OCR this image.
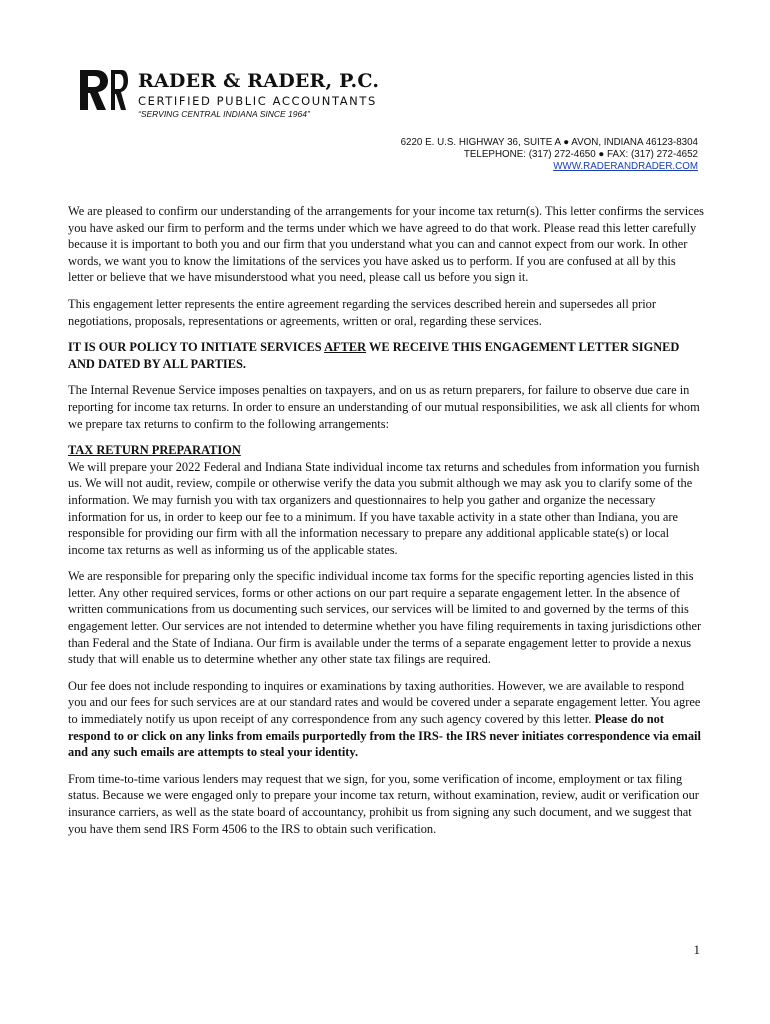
RADER & RADER, P.C.
CERTIFIED PUBLIC ACCOUNTANTS
“SERVING CENTRAL INDIANA SINCE 1964”
6220 E. U.S. HIGHWAY 36, SUITE A ● AVON, INDIANA 46123-8304
TELEPHONE: (317) 272-4650 ● FAX: (317) 272-4652
WWW.RADERANDRADER.COM

We are pleased to confirm our understanding of the arrangements for your income tax return(s). This letter confirms the services you have asked our firm to perform and the terms under which we have agreed to do that work. Please read this letter carefully because it is important to both you and our firm that you understand what you can and cannot expect from our work. In other words, we want you to know the limitations of the services you have asked us to perform. If you are confused at all by this letter or believe that we have misunderstood what you need, please call us before you sign it.

This engagement letter represents the entire agreement regarding the services described herein and supersedes all prior negotiations, proposals, representations or agreements, written or oral, regarding these services.

IT IS OUR POLICY TO INITIATE SERVICES AFTER WE RECEIVE THIS ENGAGEMENT LETTER SIGNED AND DATED BY ALL PARTIES.

The Internal Revenue Service imposes penalties on taxpayers, and on us as return preparers, for failure to observe due care in reporting for income tax returns. In order to ensure an understanding of our mutual responsibilities, we ask all clients for whom we prepare tax returns to confirm to the following arrangements:

TAX RETURN PREPARATION

We will prepare your 2022 Federal and Indiana State individual income tax returns and schedules from information you furnish us. We will not audit, review, compile or otherwise verify the data you submit although we may ask you to clarify some of the information. We may furnish you with tax organizers and questionnaires to help you gather and organize the necessary information for us, in order to keep our fee to a minimum. If you have taxable activity in a state other than Indiana, you are responsible for providing our firm with all the information necessary to prepare any additional applicable state(s) or local income tax returns as well as informing us of the applicable states.

We are responsible for preparing only the specific individual income tax forms for the specific reporting agencies listed in this letter. Any other required services, forms or other actions on our part require a separate engagement letter. In the absence of written communications from us documenting such services, our services will be limited to and governed by the terms of this engagement letter. Our services are not intended to determine whether you have filing requirements in taxing jurisdictions other than Federal and the State of Indiana. Our firm is available under the terms of a separate engagement letter to provide a nexus study that will enable us to determine whether any other state tax filings are required.

Our fee does not include responding to inquires or examinations by taxing authorities. However, we are available to respond you and our fees for such services are at our standard rates and would be covered under a separate engagement letter. You agree to immediately notify us upon receipt of any correspondence from any such agency covered by this letter. Please do not respond to or click on any links from emails purportedly from the IRS- the IRS never initiates correspondence via email and any such emails are attempts to steal your identity.

From time-to-time various lenders may request that we sign, for you, some verification of income, employment or tax filing status. Because we were engaged only to prepare your income tax return, without examination, review, audit or verification our insurance carriers, as well as the state board of accountancy, prohibit us from signing any such document, and we suggest that you have them send IRS Form 4506 to the IRS to obtain such verification.

1
